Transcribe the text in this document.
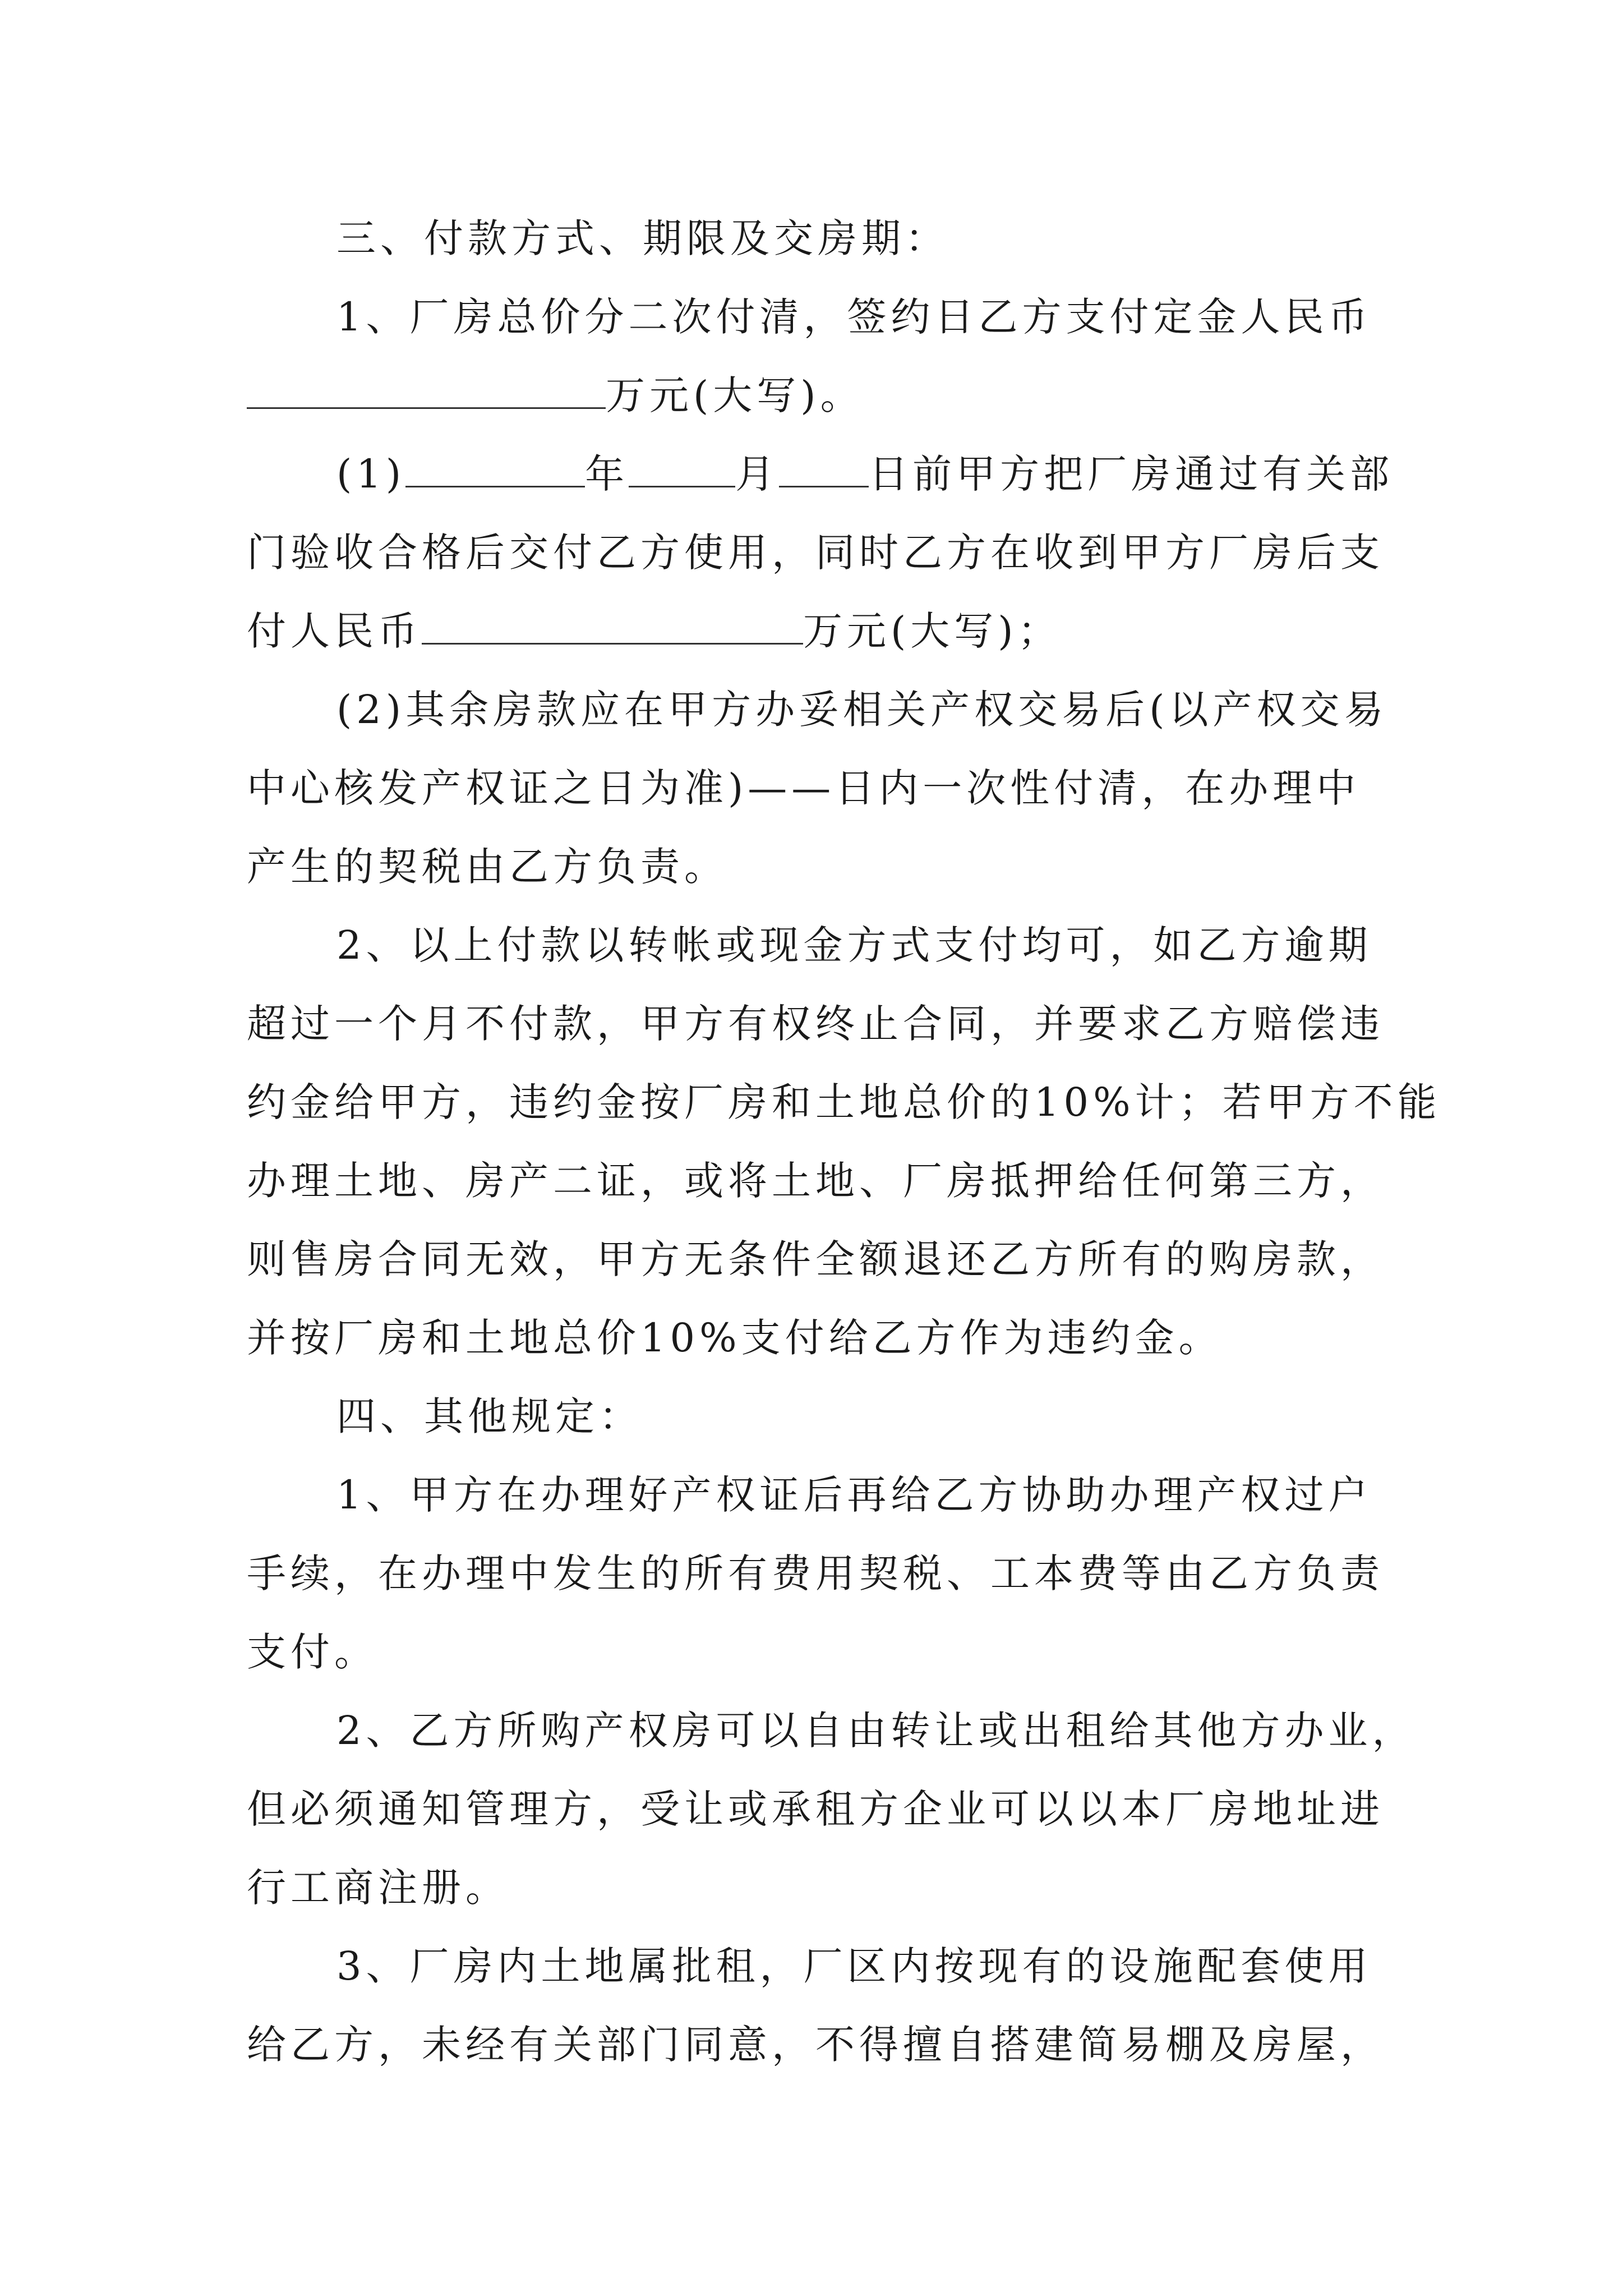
三、付款方式、期限及交房期：
1、厂房总价分二次付清，签约日乙方支付定金人民币
万元(大写)。
(1)	年	月 日前甲方把厂房通过有关部
门验收合格后交付乙方使用，同时乙方在收到甲方厂房后支
付人民币	万元(大写)；
(2)其余房款应在甲方办妥相关产权交易后(以产权交易
中心核发产权证之日为准)——日内一次性付清，在办理中
产生的契税由乙方负责。
2、以上付款以转帐或现金方式支付均可，如乙方逾期
超过一个月不付款，甲方有权终止合同，并要求乙方赔偿违
约金给甲方，违约金按厂房和土地总价的10%计；若甲方不能
办理土地、房产二证，或将土地、厂房抵押给任何第三方，
则售房合同无效，甲方无条件全额退还乙方所有的购房款，
并按厂房和土地总价10%支付给乙方作为违约金。
四、其他规定：
1、甲方在办理好产权证后再给乙方协助办理产权过户
手续，在办理中发生的所有费用契税、工本费等由乙方负责
支付。
2、乙方所购产权房可以自由转让或出租给其他方办业，
但必须通知管理方，受让或承租方企业可以以本厂房地址进
行工商注册。
3、厂房内土地属批租，厂区内按现有的设施配套使用
给乙方，未经有关部门同意，不得擅自搭建简易棚及房屋，
